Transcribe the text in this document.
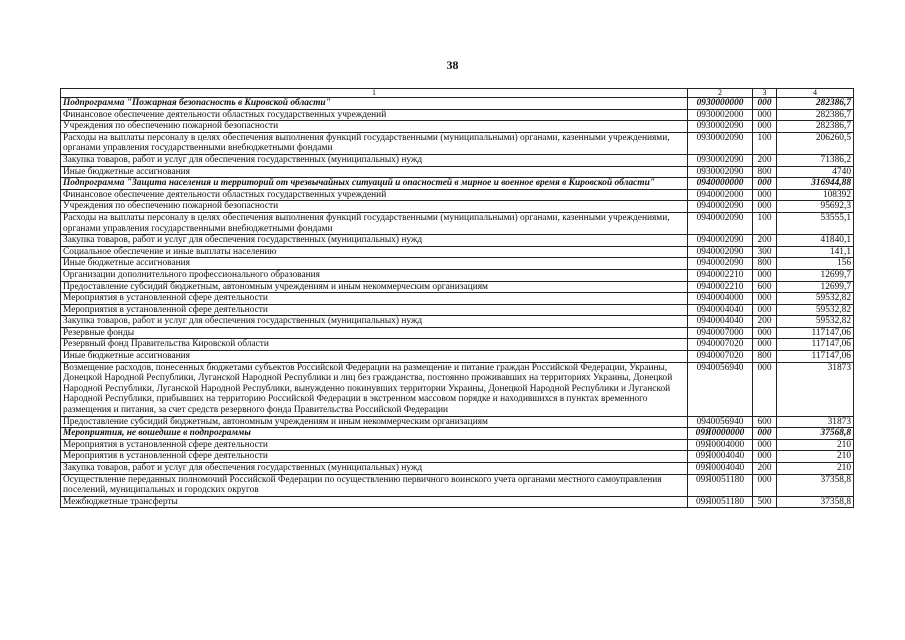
38
1	2	3	4
Подпрограмма "Пожарная безопасность в Кировской области"	0930000000	000	282386,7
Финансовое обеспечение деятельности областных государственных учреждений	0930002000	000	282386,7
Учреждения по обеспечению пожарной безопасности	0930002090	000	282386,7
Расходы на выплаты персоналу в целях обеспечения выполнения функций государственными (муниципальными) органами, казенными учреждениями, органами управления государственными внебюджетными фондами	0930002090	100	206260,5
Закупка товаров, работ и услуг для обеспечения государственных (муниципальных) нужд	0930002090	200	71386,2
Иные бюджетные ассигнования	0930002090	800	4740
Подпрограмма "Защита населения и территорий от чрезвычайных ситуаций и опасностей в мирное и военное время в Кировской области"	0940000000	000	316944,88
Финансовое обеспечение деятельности областных государственных учреждений	0940002000	000	108392
Учреждения по обеспечению пожарной безопасности	0940002090	000	95692,3
Расходы на выплаты персоналу в целях обеспечения выполнения функций государственными (муниципальными) органами, казенными учреждениями, органами управления государственными внебюджетными фондами	0940002090	100	53555,1
Закупка товаров, работ и услуг для обеспечения государственных (муниципальных) нужд	0940002090	200	41840,1
Социальное обеспечение и иные выплаты населению	0940002090	300	141,1
Иные бюджетные ассигнования	0940002090	800	156
Организации дополнительного профессионального образования	0940002210	000	12699,7
Предоставление субсидий бюджетным, автономным учреждениям и иным некоммерческим организациям	0940002210	600	12699,7
Мероприятия в установленной сфере деятельности	0940004000	000	59532,82
Мероприятия в установленной сфере деятельности	0940004040	000	59532,82
Закупка товаров, работ и услуг для обеспечения государственных (муниципальных) нужд	0940004040	200	59532,82
Резервные фонды	0940007000	000	117147,06
Резервный фонд Правительства Кировской области	0940007020	000	117147,06
Иные бюджетные ассигнования	0940007020	800	117147,06
Возмещение расходов, понесенных бюджетами субъектов Российской Федерации на размещение и питание граждан Российской Федерации, Украины, Донецкой Народной Республики, Луганской Народной Республики и лиц без гражданства, постоянно проживавших на территориях Украины, Донецкой Народной Республики, Луганской Народной Республики, вынужденно покинувших территории Украины, Донецкой Народной Республики и Луганской Народной Республики, прибывших на территорию Российской Федерации в экстренном массовом порядке и находившихся в пунктах временного размещения и питания, за счет средств резервного фонда Правительства Российской Федерации	0940056940	000	31873
Предоставление субсидий бюджетным, автономным учреждениям и иным некоммерческим организациям	0940056940	600	31873
Мероприятия, не вошедшие в подпрограммы	09Я0000000	000	37568,8
Мероприятия в установленной сфере деятельности	09Я0004000	000	210
Мероприятия в установленной сфере деятельности	09Я0004040	000	210
Закупка товаров, работ и услуг для обеспечения государственных (муниципальных) нужд	09Я0004040	200	210
Осуществление переданных полномочий Российской Федерации по осуществлению первичного воинского учета органами местного самоуправления поселений, муниципальных и городских округов	09Я0051180	000	37358,8
Межбюджетные трансферты	09Я0051180	500	37358,8
